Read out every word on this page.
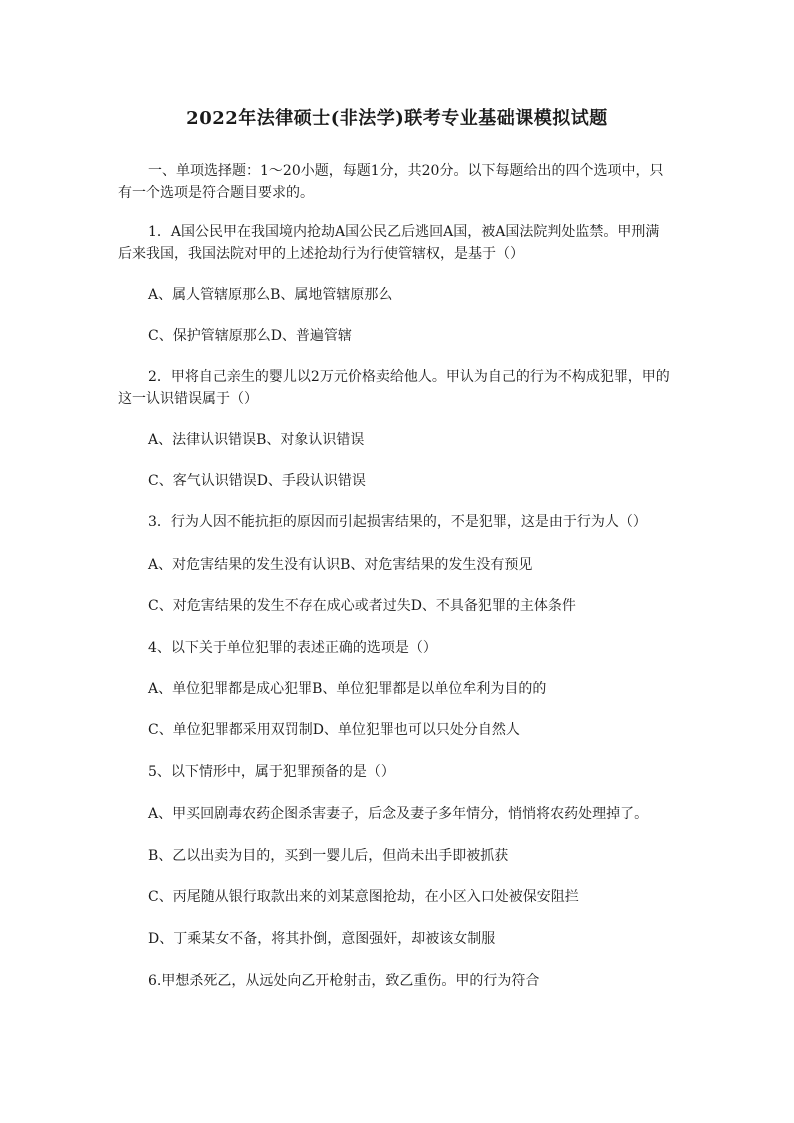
2022年法律硕士(非法学)联考专业基础课模拟试题
一、单项选择题：1～20小题，每题1分，共20分。以下每题给出的四个选项中，只
有一个选项是符合题目要求的。
1．A国公民甲在我国境内抢劫A国公民乙后逃回A国，被A国法院判处监禁。甲刑满
后来我国，我国法院对甲的上述抢劫行为行使管辖权，是基于（）
A、属人管辖原那么B、属地管辖原那么
C、保护管辖原那么D、普遍管辖
2．甲将自己亲生的婴儿以2万元价格卖给他人。甲认为自己的行为不构成犯罪，甲的
这一认识错误属于（）
A、法律认识错误B、对象认识错误
C、客气认识错误D、手段认识错误
3．行为人因不能抗拒的原因而引起损害结果的，不是犯罪，这是由于行为人（）
A、对危害结果的发生没有认识B、对危害结果的发生没有预见
C、对危害结果的发生不存在成心或者过失D、不具备犯罪的主体条件
4、以下关于单位犯罪的表述正确的选项是（）
A、单位犯罪都是成心犯罪B、单位犯罪都是以单位牟利为目的的
C、单位犯罪都采用双罚制D、单位犯罪也可以只处分自然人
5、以下情形中，属于犯罪预备的是（）
A、甲买回剧毒农药企图杀害妻子，后念及妻子多年情分，悄悄将农药处理掉了。
B、乙以出卖为目的，买到一婴儿后，但尚未出手即被抓获
C、丙尾随从银行取款出来的刘某意图抢劫，在小区入口处被保安阻拦
D、丁乘某女不备，将其扑倒，意图强奸，却被该女制服
6.甲想杀死乙，从远处向乙开枪射击，致乙重伤。甲的行为符合
